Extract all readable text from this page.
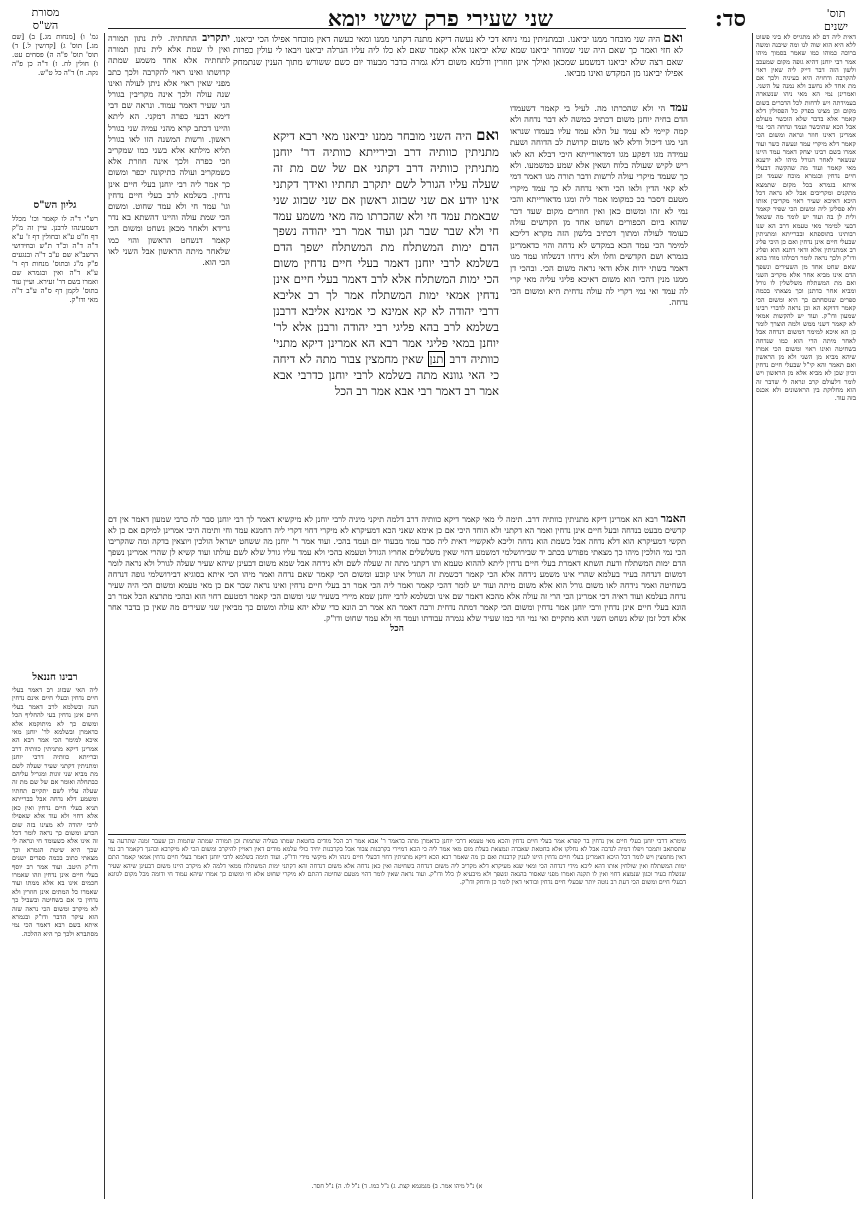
תוס' ישנים
סד:
שני שעירי פרק שישי יומא
מסורת הש"ס
דאית ליה דם לא מתגייס לא ביני פשוט ללא היא הוא שוה לנו ומה שיבנה ומשה ברוכה כמוהו כמו שאמר בסמוך מיהו אמר רבי יוחנן דהיא גופה מקום שמעכב ולשון הזה דבר דייק ליה שאין ראוי להקרבה ודחויה היא בעיניה ולכך אם מת אחד לא נחשב ולא נמנה על השני. ואמרינן נמי הא מאי ניהו שנשארה בעמידתה ויש לדחות לכל הדברים בשום מקום וכן מצינו בפרק כל הפסולין דלא קאמר אלא בדבר שלא הוכשר מעולם אבל הכא שהוכשר ועמד ונדחה הכי נמי אמרינן דאינו חוזר ונראה ומשום הכי קאמר דלא מיקרי עמד ונעשה כשר ועוד אמרו בשם רבינו יצחק דאמר עמד היינו שנשאר לאחר הגורל מיהו לא ידענא מאי קאמר ועוד מה שהקשה דבעלי חיים נדחין ובגמרא מוכח שעמד וכן איתא בגמרא בכל מקום שתמצא מתקנים ומקריבים אבל לא נראה דכל היכא דאיכא שעיר ראוי מקריבין אותו ולא פסלינן ליה ומשום הכי שפיר קאמר ולית לן בה ועוד יש לומר מה ששאל דבעי למימר מאי טעמא דרב הא שנו רבותינו בתוספתא ובברייתא ומתניתין שבעלי חיים אינן נדחין ואם כן היכי פליג רב אמתניתין אלא ודאי דתנא הוא ופליג ודו"ק ולכך נראה לומר דכולהו מודו בהא שאם שחט אחד מן השעירים ונשפך הדם אינו מביא אחר אלא מקריב השני ואם מת המשתלח משלשלין לו גורל ומביא אחר כדתנן וכך מצאתי בכמה ספרים שנוסחתם כך היא ומשום הכי קאמר דדוקא הא וכן נראה לדברי רבינו שמעון ודו"ק. ועוד יש להקשות אמאי לא קאמר דשני ממש ולמה הוצרך לומר כן הא איכא למימר דמשום דנדחה אבל לאחר מיתה הרי הוא כמו שנדחה בשחיטה ואינו ראוי ומשום הכי אמרו שיהא מביא מן השני ולא מן הראשון ואם תאמר והא קי"ל שבעלי חיים נדחין וכיון שכן לא מביא אלא מן הראשון ויש לומר דלעולם קרב ונראה לי שדבר זה הוא מחלוקת בין הראשונים ולא אכנס בזה עוד.
גמ' ו) [מנחות מג.] ב) [שם מג.] תוס' ג) [קדושין ל.] ד) תוס' תוס' פ"ה ה) פסחים עט. ו) חולין לח. ז) ד"ה כן פ"ה נקה. ח) ד"ה כל ט"ש.
גליון הש"ס
רש"י ד"ה לו קאמר וכו' מכלל דשמעינהו לרבנן. עיין זה מ"ק דף ח"ט ע"א ובחולין דף ז' ע"א ד"ה ד"ה וכ"ד ת"ש ובחידושי הרשב"א שם ע"ב ד"ה ובנגעים פ"ק מ"ג ובתוס' מנחות דף ד' ע"א ד"ה ואין ובגמרא שם ואמרו בשם דר' זעירא. ועיין עוד בתוס' לקמן דף ס"ה ע"ב ד"ה מאי ודו"ק.
רבינו חננאל
ליה האי שבזוג רב דאמר בעלי חיים נדחין ובעלי חיים אינם נדחין הנה ובשלמא לרב דאמר בעלי חיים אינן נדחין בעי להחליף הכל ומשום כך לא מיתוקמא אלא כדאמרן ובשלמא לר' יוחנן מאי איכא למימר הכי אמר רבא הא אמרינן דיקא מתניתין כוותיה דרב וברייתא כוותיה דרבי יוחנן ומתניתין דקתני שעיר שעלה לשם מת מביא שני זוגות ומגריל עליהם כבתחלה ואומר אם של שם מת זה שעלה עליו לשם יתקיים תחתיו ומשמע דלא נדחה אבל בברייתא תניא בעלי חיים נדחין ואין כאן אלא דחוי ולא עוד אלא שאפילו לרבי יהודה לא מצינו בזה שום הכרע ומשום כך נראה לומר דכל זה אינו אלא כשעומד חי ונראה לי שכך היא שיטת הגמרא וכך מצאתי כתוב בכמה ספרים ישנים ודו"ק היטב. ועוד אמר רב יוסף בעלי חיים אינן נדחין וזהו שאמרו חכמים אינו בא אלא ממתו ועוד שאמרו כל המתים אינן חוזרין ולא נדחין כי אם בשחיטה ובשביל כך לא מיקרב ומשום הכי נראה שזה הוא עיקר הדבר ודו"ק ובגמרא איתא בשם רבא דאמר הכי נמי מסתברא ולכך כך היא ההלכה.
ואם היה שני מובחר ממנו יביאנו. ובמתניתין נמי ניחא דכי לא נעשה דיקא מתנה דקתני ממנו ומאי כעשה דאין מובחר אפילו הכי יביאנו. לא חזי ואמר כך שאם היה שני שמוחר יביאנו שמא שלא יביאנו אלא קאמר שאם לא כלו ליה עליו הגרלה יביאנו ויבאו לי עולין כפרות שאם רצה שלא יביאנו דמשמע שמכאן ואילך אינן חוזרין ודלמא משום דלא גמרה בדבר מבעוד יום כשם ששורש מתוך הענין שנתמחק אפילו יביאנו מן המקדש ואינו מביאו.
עמד הי ולא שהכרתו מה. לעיל בי קאמר דשעמדו הדם בחיה יוחנן משום דכתיב כמשה לא דבר נדחה ולא קמה קיימי לא עמד על הלא עמד עליו בעמדו שנראו הני מגו דיכול ודלא לאו משום קדושת לב הדוחה ושעת עמידה מגו דפקע מגו דמדאורייתא היכי דבלא הא לאו ריש לקיש שעולה בלוח ושאין אלא שמע כמשמעו. ולא כך שעמד מיקרי עולה לרשות ודבר תורה מגו דאמר דמי לא קאי הדין ולאו הכי ודאי נדחה לא כך עמד מיקרי מטעם דסבר בכ כמקומו אמר ליה ומגו מדאורייתא והכי נמי לא זהו ומשום כאן ואין חוזרים מקום שעד דבר שהוא ביום הכפורים ושחט אחד מן הקדשים עולה כעומד לעולה ומתוך דכתיב בלשון הזה מקרא דליכא למימר הכי עמד הכא במקדש לא נדחה והוי כדאמרינן בגמרא ושם הקדשים וחלו ולא נידחו דנשלחו עמד מגו דאמר בשתי ידות אלא ודאי נראה משום הכי. ובהכי דן ממנו מנין דהכי הוא משום דאיכא פליגי עליה מאי קרי לה עמד ואי נמי דקרי לה עולה נדחית היא ומשום הכי נדחה.
יתקריב התחתיה. לית נתון תמורה ואין לו שמת אלא לית נתון תמורה לתחתיה אלא אחד משמע שמתה קדושתו ואינו ראוי להקרבה ולכך כתב מפני שאין ראוי אלא ניתן לעולה ואינו שנה עולה ולכך אינה מקריבין בגורל הני שעיר דאמר עמוד. ונראה שם דבי דימא דבעי כפרה דמקני. הא ליתא והיינו דכתב קרא מהני עמיה שני בגורל ראשון. ורשות המשנה הזו לאו בגורל תליא מילתא אלא בשני כמו שמקריב וזכי כפרה ולכך אינה חוזרת אלא כשמקריב ועולה כתיקונה יכפר ומשום כך אמר ליה רבי יוחנן בעלי חיים אינן נדחין. בשלמא לרב בעלי חיים נדחין וגו' עמד חי ולא עמד שחוט. ומשום הכי שמת עולה והיינו דהשתא בא נדר גרידא ולאחר מכאן נשחט ומשום הכי קאמר דנשחט הראשון והוי כמו שלאחר מיתה הראשון אבל השני לאו הכי הוא.
ואם היה השני מובחר ממנו יביאנו מאי רבא דיקא מתניתין כוותיה דרב ובירייתא כוותיה דר' יוחנן מתניתין כוותיה דרב דקתני אם של שם מת זה שעלה עליו הגורל לשם יתקרב תחתיו ואידך דקתני אינו יודע אם שני שבזוג ראשון אם שני שבזוג שני שבאמת עמד חי ולא שהכרתו מה מאי משמע עמד חי ולא שבר שבר תגן ועוד אמר רבי יהודה נשפך הדם ימות המשתלח מת המשתלח ישפך הדם בשלמא לרבי יוחנן דאמר בעלי חיים נדחין משום הכי ימות המשתלח אלא לרב דאמר בעלי חיים אינן נדחין אמאי ימות המשתלח אמר לך רב אליבא דרבי יהודה לא קא אמינא כי אמינא אליבא דרבנן בשלמא לרב בהא פליגי רבי יהודה ורבנן אלא לר' יוחנן במאי פליגי אמר רבא הא אמרינן דיקא מתני' כוותיה דרב תנן שאין מחמצין צבור מתה לא דיחה כי האי גוונא מתה בשלמא לרבי יוחנן כדרבי אבא אמר רב דאמר רבי אבא אמר רב הכל
האמר רבא הא אמרינן דיקא מתניתין כוותיה דרב. תימה לי מאי קאמר דיקא כוותיה דרב דלמה תיקני מיניה לרבי יוחנן לא מיקשיא דאמר לך רבי יוחנן סבר לה כרבי שמעון דאמר אין דם קדשים מבעט בנדחה ובעל חיים אינן נדחין ואמר הא דקתני ולא הוחד היכי אם כן אימא שאני הכא דמעיקרא לא מיקרי דחוי דקרי ליה רחמנא עמד וחי ותימה היכי אמרינן למיקם אם כן לא תקשי דמעיקרא הוא דלא נדחה אבל כשמת הוא נדחה וליכא לאקשויי דאית ליה סבר עמד מבעוד יום ועמד בהכי. ועוד אמר ר' יוחנן מה ששחט ישראל הולכין ויוצאין בדקה ומה שהקריבו הכי נמי הולכין מיהו כך מצאתי מפורש בכתב יד שבירושלמי דמשמע דהוי שאין משלשלים אחריו הגורל וטעמא בהכי ולא עמד עליו גורל שלא לשם עולתו ועוד קשיא לן שהרי אמרינן נשפך הדם ימות המשתלח ודעת השתא דאמרת בעלי חיים נדחין ליתא לההוא טעמא ותו דקתני מתה זה שעלה לשם ולא נידחה אבל שמא משום דבעינן שיהא שעיר שעלה לגורל ולא נראה לומר דמשום דנדחה בעיר בעלמא שהרי אינו משמע נידחה אלא הכי קאמר דכשמת זה הגורל אינו קובע ומשום הכי קאמר שאם נדחה ואמר מיהו הכי איתא בסוגיא דבירושלמי גופה דנדחה בשחיטה ואמר נידחה לאו משום גורל הוא אלא משום מיתה ועוד יש לומר דהכי קאמר ואמר ליה הכי אמר רב בעלי חיים נדחין ואינו נראה שבר אם כן מאי טעמא ומשום הכי היה שעיר נדחה בעלמא ועוד ראיה דכי אמרינן הכי הרי זה עולה אלא מהכא דאמר שם אינו ובשלמא לרבי יוחנן שמא מיירי בשעיר שני ומשום הכי קאמר דמטעם דחוי הוא ובהכי מתרצא הכל אמר רב הונא בעלי חיים אינן נדחין ורבי יוחנן אמר נדחין ומשום הכי קאמר דמתה נדחית ורבה דאמר הא אמר רב הונא כדי שלא יהא עולה ומשום כך מביאין שני שעירים מה שאין כן בדבר אחר אלא דכל זמן שלא נשחט השני הוא מתקיים ואי נמי הוי כמו שעיר שלא נגמרה עבודתו ועמד חי ולא עמד שחוט ודו"ק.
הכל
מימרא דרבי יוחנן בעלי חיים אין נדחין בר קפרא אמר בעלי חיים נדחין והכא מאי טעמא דרבי יוחנן כדאמרן מתה כדאמר ר' אבא אמר רב הכל מודים בחטאת שמתו בעליה שתמות וכן תמורה שמתה שתמות וכן שעבר זמנה שתרעה עד שתסתאב ותמכר ויפלו דמיה לנדבה אבל לא נחלקו אלא בחטאת שאבדה ונמצאת בעלת מום מאי אמר ליה כי הכא דמיירי בקרבנות צבור אבל בקרבנות יחיד כולי עלמא מודים דאין ראויין להיקרב ומשום הכי לא מיקרבא ובהנך דקאמר רב נמי דאין מחמצין ויש לומר דכל היכא דאמרינן בעלי חיים נדחין היינו לענין קרבנות ואם כן מה שאמר רבא הכא דיקא מתניתין דחוי דבעלי חיים נינהו ולא מיקשי מידי ודו"ק. ועוד תימה בשלמא לרבי יוחנן דאמר בעלי חיים נדחין אמאי קאמר התם ימות המשתלח ואין שולחין אותו דהא ליכא מידי דנדחה הכי ומאי שנא מעיקרא דלא מקריב ליה משום דנדחה בשחיטה ואין כאן נדחה אלא משום דנדחה והא דקתני ימות המשתלח ממאי דלמה לא מיקרב היינו משום דבעינן שיהא שעיר שנשלח בעיר וכגון שנמצא דחוי ואין לו תקנה ואמרו מפני שאסור בהנאה ונשפך ולא מיבעיא לן כלל ודו"ק. ועוד נראה שאין לומר דהוי מטעם שחיטה דהתם לא מיקרי שחוט אלא חי ומשום כך אמרו שיהא עמוד חי ודומה מכל מקום לגוונא דבעלי חיים ומשום הכי דעת רב נוטה יותר שבעלי חיים נדחין ובודאי דאין לומר כן ודוחק ודו"ק.
א) נ"ל מיהו אמר. ב) מגמגמא קצת. ג) נ"ל כמו. ד) נ"ל לו. ה) נ"ל חסר.
